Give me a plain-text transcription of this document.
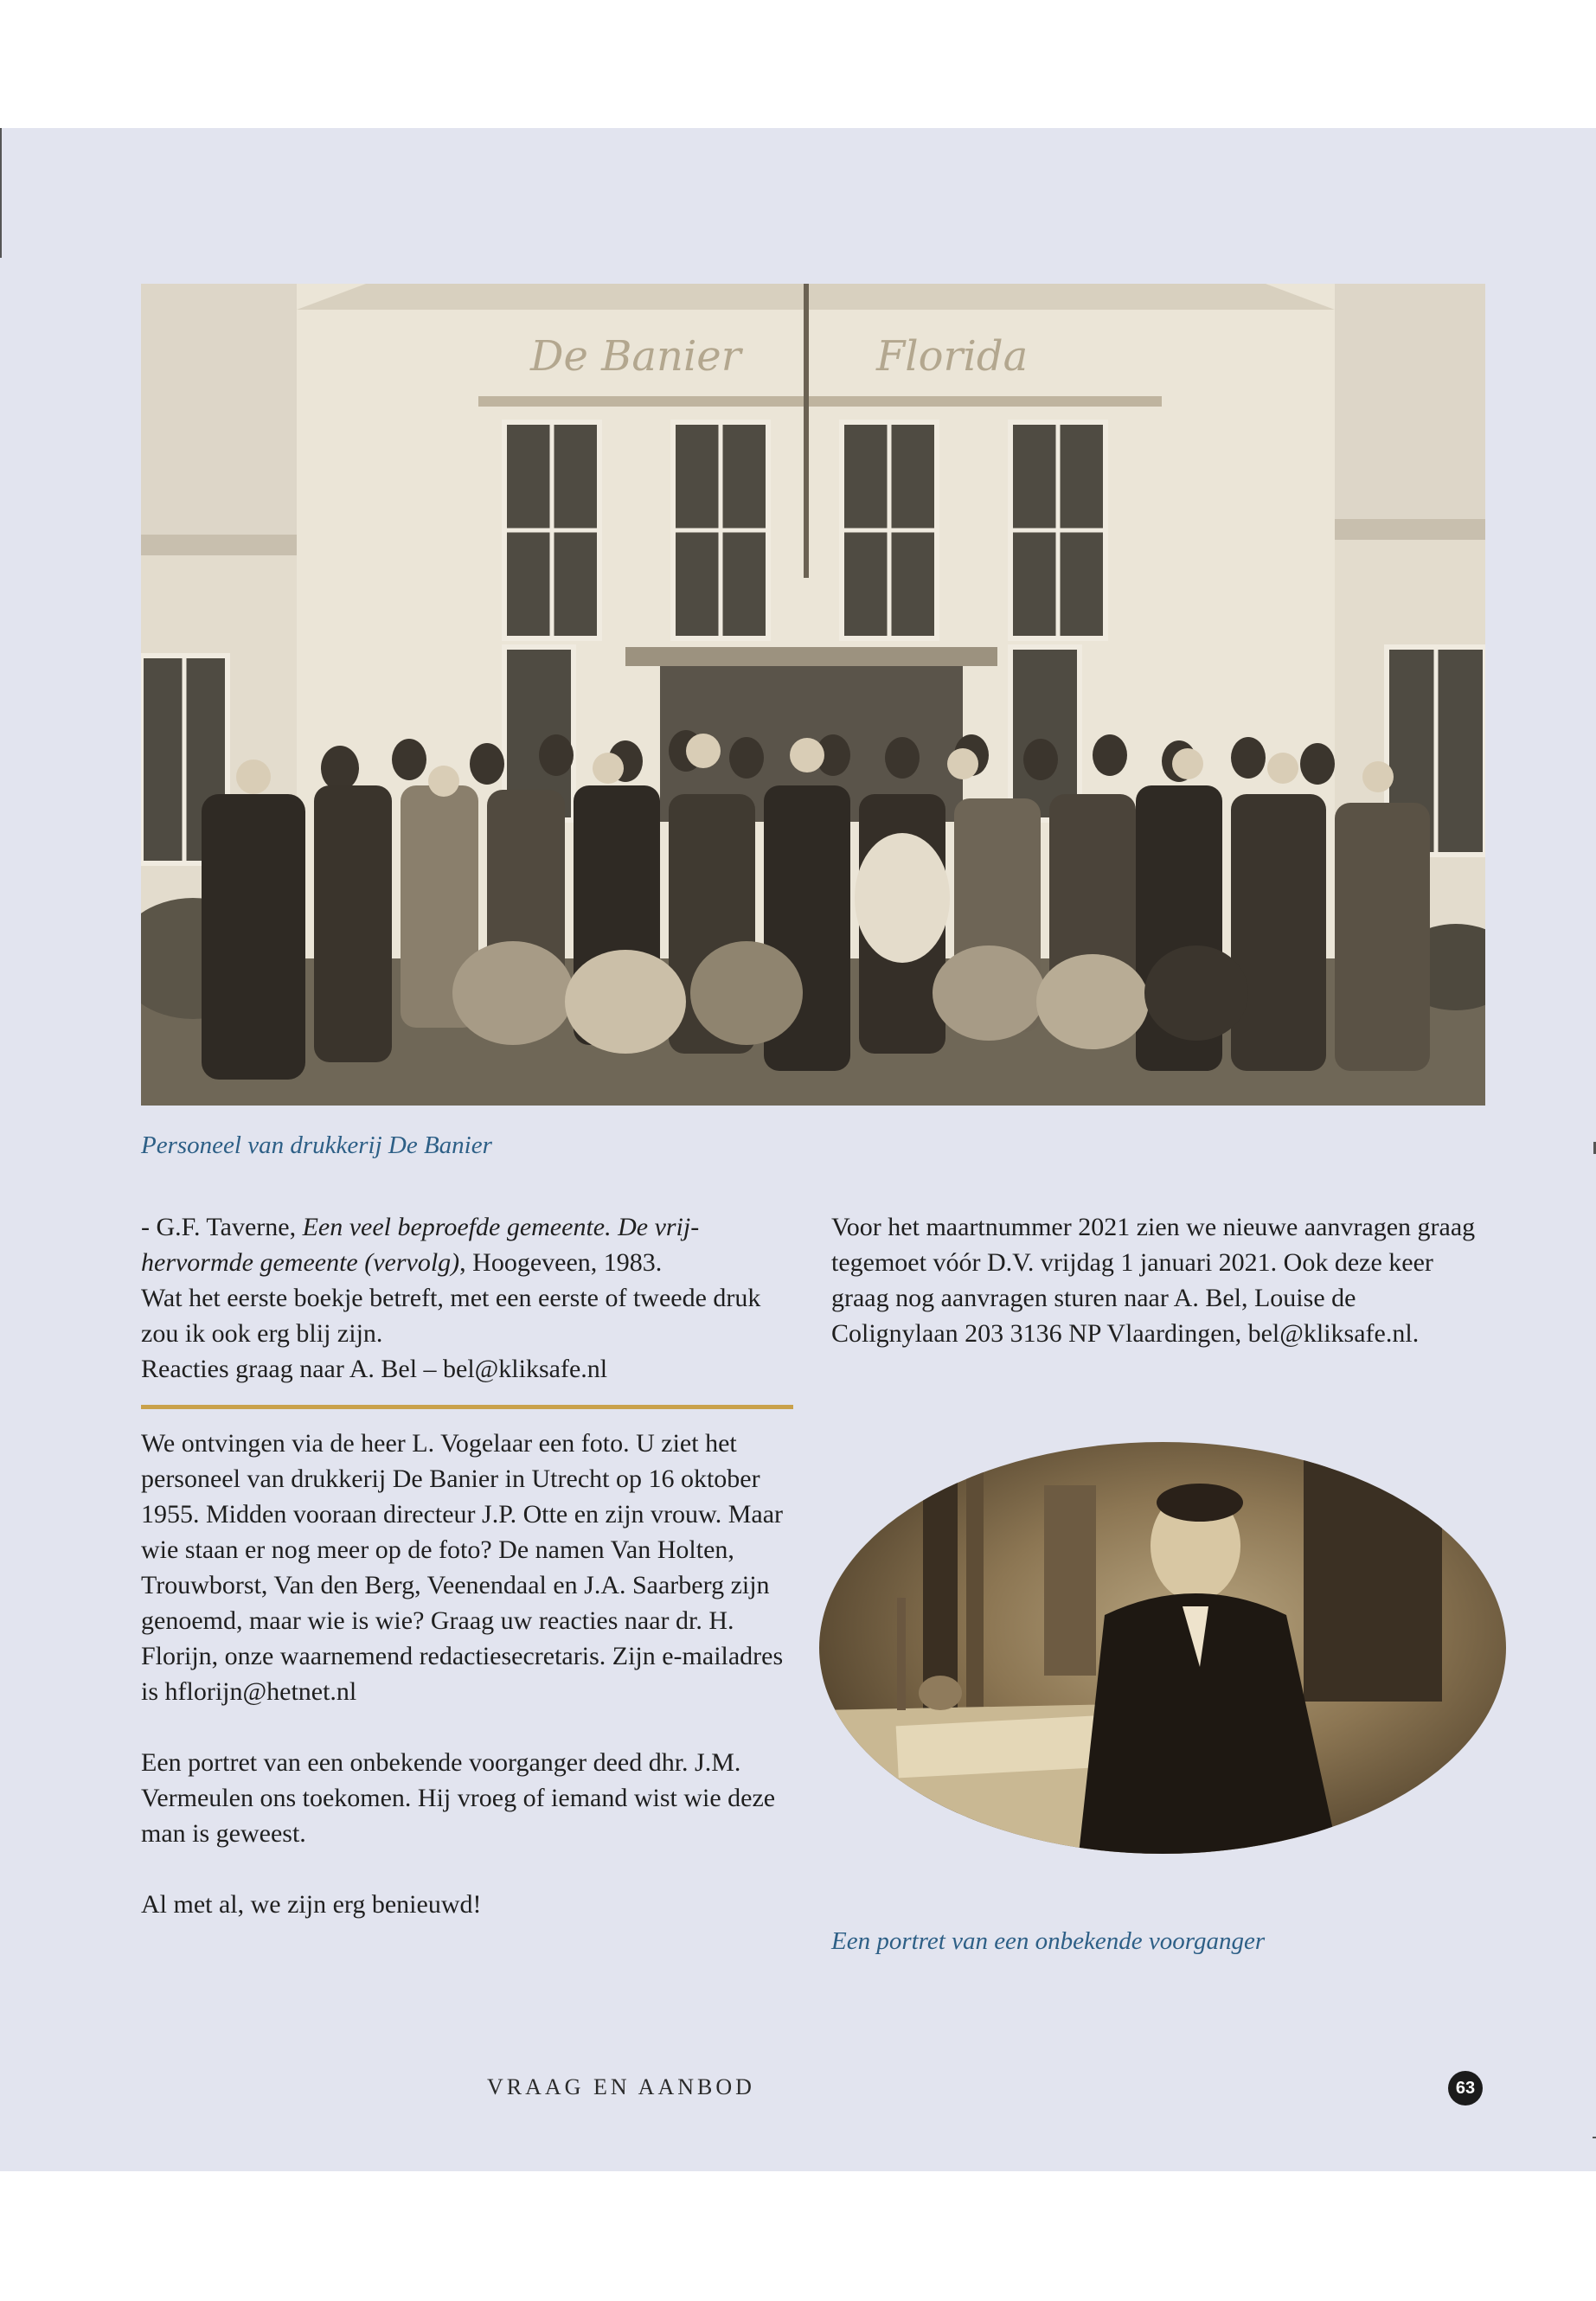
De Banier	Florida
Personeel van drukkerij De Banier

- G.F. Taverne, Een veel beproefde gemeente. De vrij-hervormde gemeente (vervolg), Hoogeveen, 1983.

Wat het eerste boekje betreft, met een eerste of tweede druk zou ik ook erg blij zijn.

Reacties graag naar A. Bel – bel@kliksafe.nl

We ontvingen via de heer L. Vogelaar een foto. U ziet het personeel van drukkerij De Banier in Utrecht op 16 oktober 1955. Midden vooraan directeur J.P. Otte en zijn vrouw. Maar wie staan er nog meer op de foto? De namen Van Holten, Trouwborst, Van den Berg, Veenendaal en J.A. Saarberg zijn genoemd, maar wie is wie? Graag uw reacties naar dr. H. Florijn, onze waarnemend redactiesecretaris. Zijn e-mailadres is hflorijn@hetnet.nl

Een portret van een onbekende voorganger deed dhr. J.M. Vermeulen ons toekomen. Hij vroeg of iemand wist wie deze man is geweest.

Al met al, we zijn erg benieuwd!

Voor het maartnummer 2021 zien we nieuwe aanvragen graag tegemoet vóór D.V. vrijdag 1 januari 2021. Ook deze keer graag nog aanvragen sturen naar A. Bel, Louise de Colignylaan 203 3136 NP Vlaardingen, bel@kliksafe.nl.

Een portret van een onbekende voorganger
VRAAG EN AANBOD	63
